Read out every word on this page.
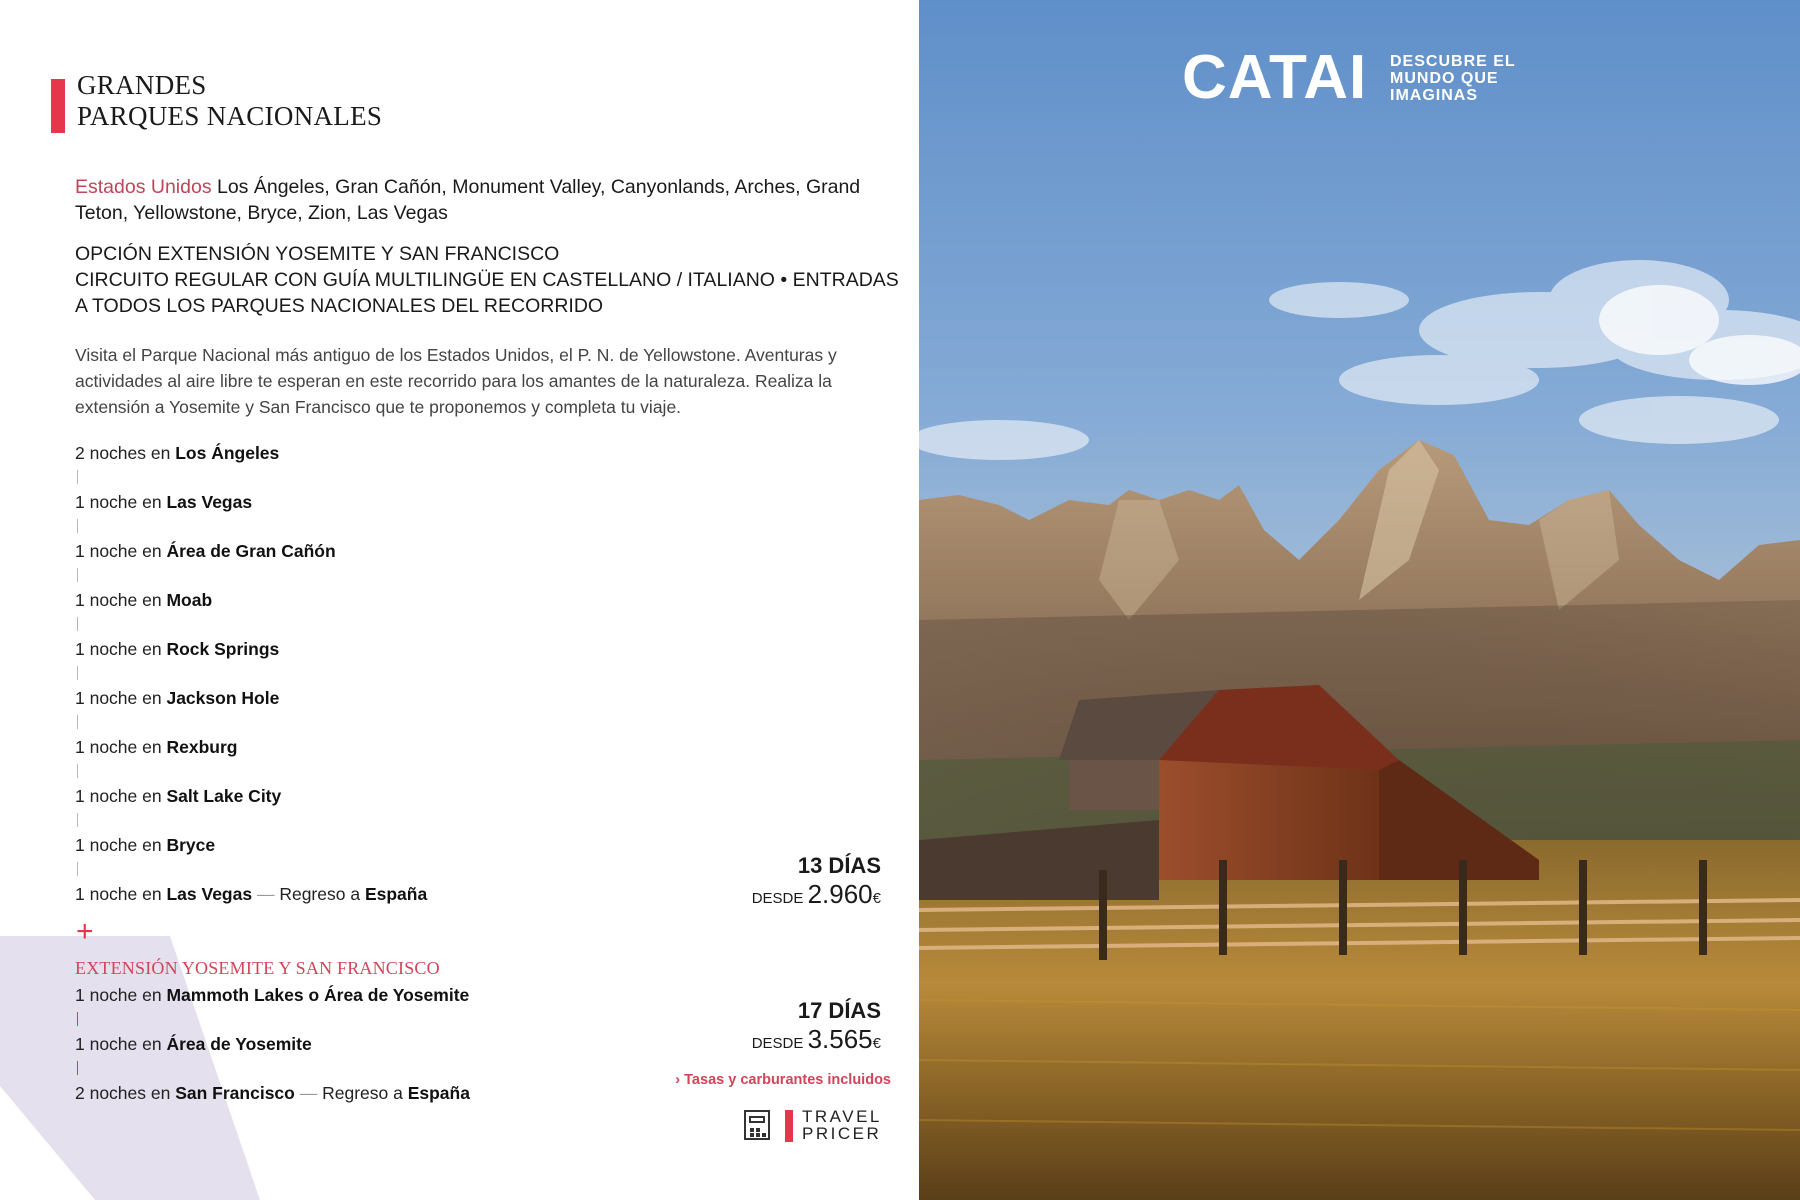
GRANDES
PARQUES NACIONALES
Estados Unidos Los Ángeles, Gran Cañón, Monument Valley, Canyonlands, Arches, Grand Teton, Yellowstone, Bryce, Zion, Las Vegas
OPCIÓN EXTENSIÓN YOSEMITE Y SAN FRANCISCO
CIRCUITO REGULAR CON GUÍA MULTILINGÜE EN CASTELLANO / ITALIANO • ENTRADAS A TODOS LOS PARQUES NACIONALES DEL RECORRIDO
Visita el Parque Nacional más antiguo de los Estados Unidos, el P. N. de Yellowstone. Aventuras y actividades al aire libre te esperan en este recorrido para los amantes de la naturaleza. Realiza la extensión a Yosemite y San Francisco que te proponemos y completa tu viaje.
2 noches en Los Ángeles
1 noche en Las Vegas
1 noche en Área de Gran Cañón
1 noche en Moab
1 noche en Rock Springs
1 noche en Jackson Hole
1 noche en Rexburg
1 noche en Salt Lake City
1 noche en Bryce
1 noche en Las Vegas — Regreso a España
+
EXTENSIÓN YOSEMITE Y SAN FRANCISCO
1 noche en Mammoth Lakes o Área de Yosemite
1 noche en Área de Yosemite
2 noches en San Francisco — Regreso a España
13 DÍAS
DESDE 2.960€
17 DÍAS
DESDE 3.565€
› Tasas y carburantes incluidos
TRAVEL
PRICER
CATAI DESCUBRE EL
MUNDO QUE
IMAGINAS
